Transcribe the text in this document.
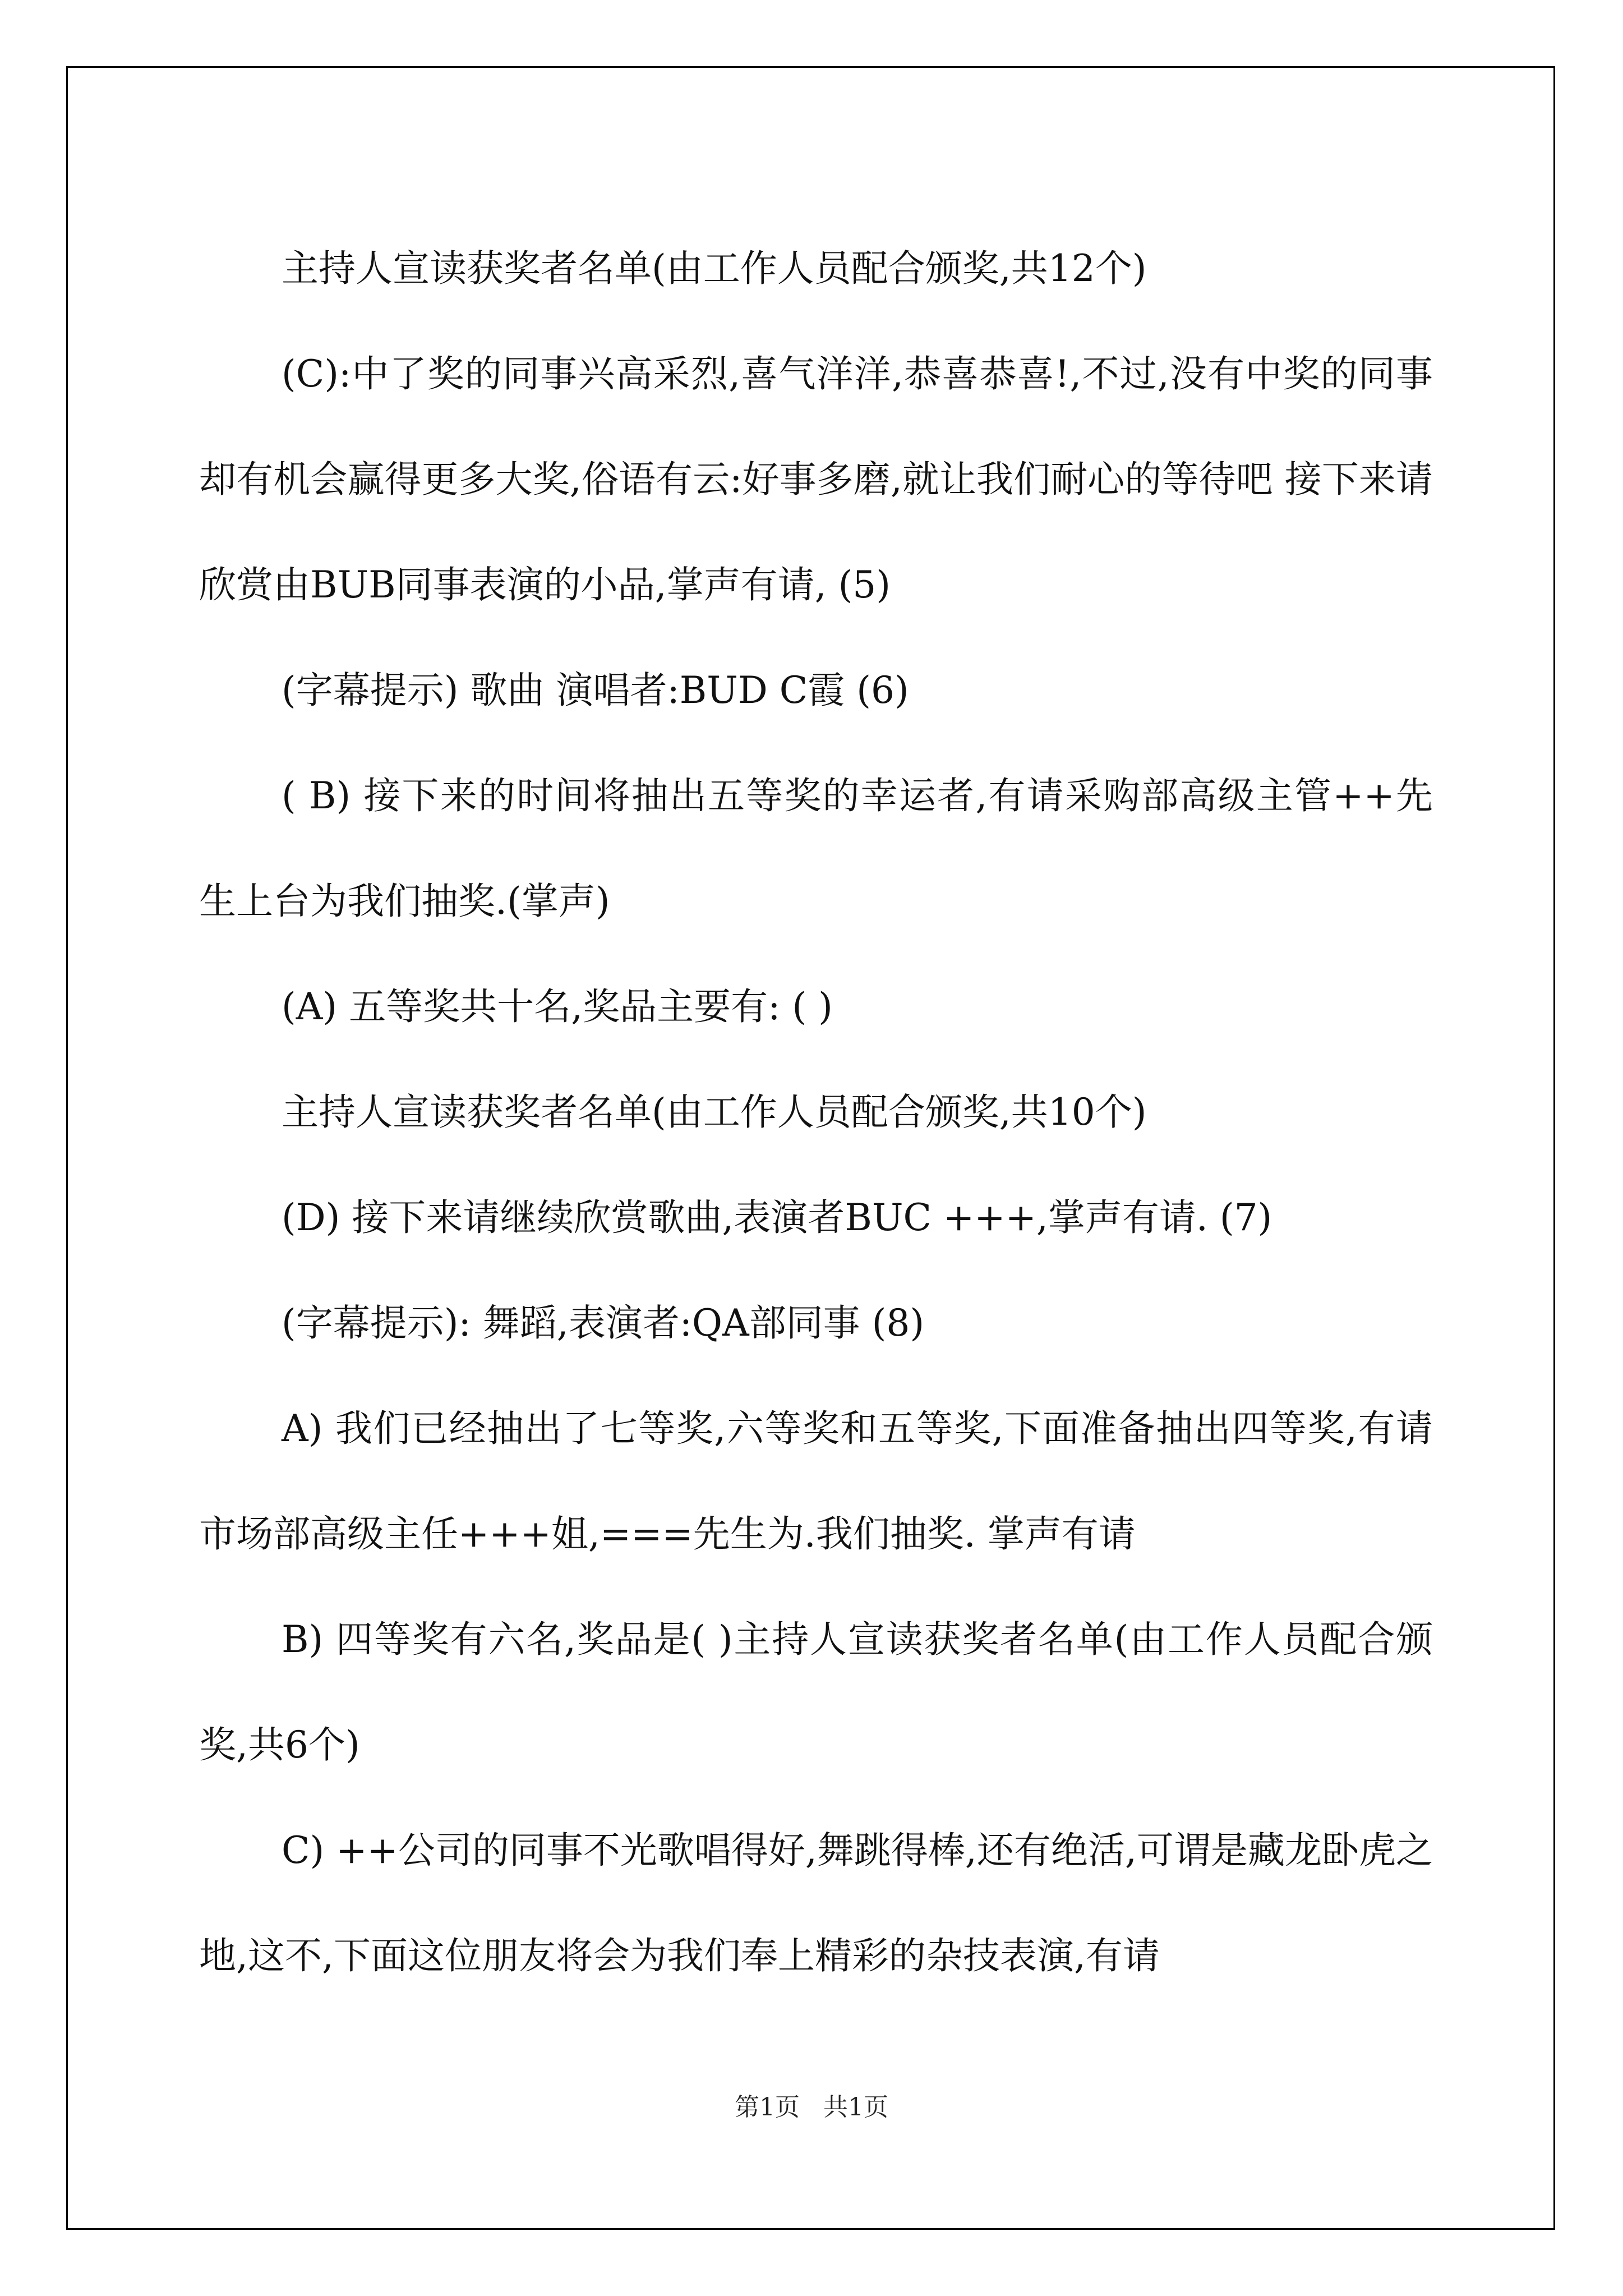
主持人宣读获奖者名单(由工作人员配合颁奖,共12个)

(C):中了奖的同事兴高采烈,喜气洋洋,恭喜恭喜!,不过,没有中奖的同事却有机会赢得更多大奖,俗语有云:好事多磨,就让我们耐心的等待吧 接下来请欣赏由BUB同事表演的小品,掌声有请, (5)

(字幕提示) 歌曲 演唱者:BUD C霞 (6)

( B) 接下来的时间将抽出五等奖的幸运者,有请采购部高级主管++先生上台为我们抽奖.(掌声)

(A) 五等奖共十名,奖品主要有: ( )

主持人宣读获奖者名单(由工作人员配合颁奖,共10个)

(D) 接下来请继续欣赏歌曲,表演者BUC +++,掌声有请. (7)

(字幕提示): 舞蹈,表演者:QA部同事 (8)

A) 我们已经抽出了七等奖,六等奖和五等奖,下面准备抽出四等奖,有请市场部高级主任+++姐,===先生为.我们抽奖. 掌声有请

B) 四等奖有六名,奖品是( )主持人宣读获奖者名单(由工作人员配合颁奖,共6个)

C) ++公司的同事不光歌唱得好,舞跳得棒,还有绝活,可谓是藏龙卧虎之地,这不,下面这位朋友将会为我们奉上精彩的杂技表演,有请

第1页   共1页
